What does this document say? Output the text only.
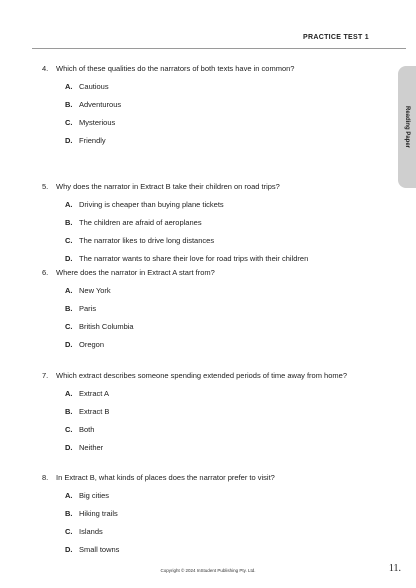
PRACTICE TEST 1
Reading Paper
4. Which of these qualities do the narrators of both texts have in common?
A. Cautious
B. Adventurous
C. Mysterious
D. Friendly
5. Why does the narrator in Extract B take their children on road trips?
A. Driving is cheaper than buying plane tickets
B. The children are afraid of aeroplanes
C. The narrator likes to drive long distances
D. The narrator wants to share their love for road trips with their children
6. Where does the narrator in Extract A start from?
A. New York
B. Paris
C. British Columbia
D. Oregon
7. Which extract describes someone spending extended periods of time away from home?
A. Extract A
B. Extract B
C. Both
D. Neither
8. In Extract B, what kinds of places does the narrator prefer to visit?
A. Big cities
B. Hiking trails
C. Islands
D. Small towns
Copyright © 2024 InStudent Publishing Pty. Ltd.	11.
